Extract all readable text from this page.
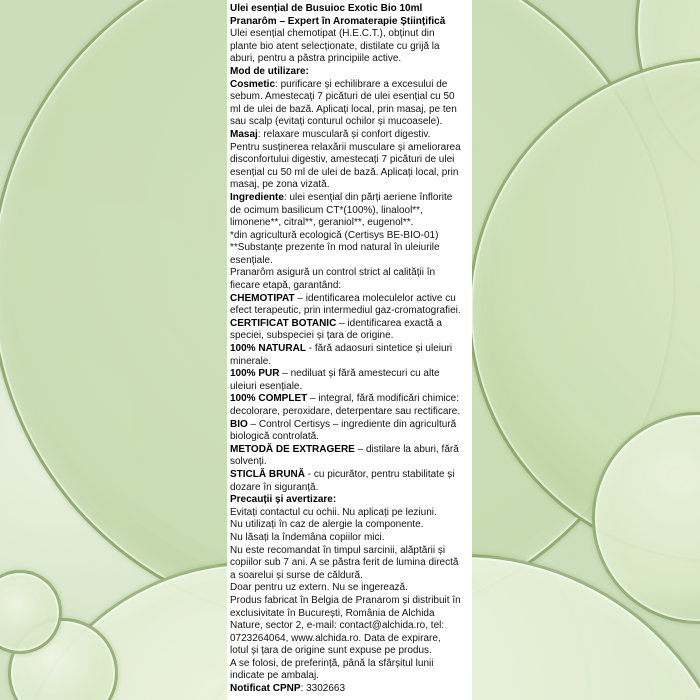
Ulei esențial de Busuioc Exotic Bio 10ml
Pranarôm – Expert în Aromaterapie Științifică
Ulei esențial chemotipat (H.E.C.T.), obținut din
plante bio atent selecționate, distilate cu grijă la
aburi, pentru a păstra principiile active.
Mod de utilizare:
Cosmetic: purificare și echilibrare a excesului de
sebum. Amestecați 7 picături de ulei esențial cu 50
ml de ulei de bază. Aplicați local, prin masaj, pe ten
sau scalp (evitați conturul ochilor și mucoasele).
Masaj: relaxare musculară și confort digestiv.
Pentru susținerea relaxării musculare și ameliorarea
disconfortului digestiv, amestecați 7 picături de ulei
esențial cu 50 ml de ulei de bază. Aplicați local, prin
masaj, pe zona vizată.
Ingrediente: ulei esențial din părți aeriene înflorite
de ocimum basilicum CT*(100%), linalool**,
limonene**, citral**, geraniol**, eugenol**.
*din agricultură ecologică (Certisys BE-BIO-01)
**Substanțe prezente în mod natural în uleiurile
esențiale.
Pranarôm asigură un control strict al calității în
fiecare etapă, garantând:
CHEMOTIPAT – identificarea moleculelor active cu
efect terapeutic, prin intermediul gaz-cromatografiei.
CERTIFICAT BOTANIC – identificarea exactă a
speciei, subspeciei și țara de origine.
100% NATURAL - fără adaosuri sintetice și uleiuri
minerale.
100% PUR – nediluat și fără amestecuri cu alte
uleiuri esențiale.
100% COMPLET – integral, fără modificări chimice:
decolorare, peroxidare, deterpentare sau rectificare.
BIO – Control Certisys – ingrediente din agricultură
biologică controlată.
METODĂ DE EXTRAGERE – distilare la aburi, fără
solvenți.
STICLĂ BRUNĂ - cu picurător, pentru stabilitate și
dozare în siguranță.
Precauții și avertizare:
Evitați contactul cu ochii. Nu aplicați pe leziuni.
Nu utilizați în caz de alergie la componente.
Nu lăsați la îndemâna copiilor mici.
Nu este recomandat în timpul sarcinii, alăptării și
copiilor sub 7 ani. A se păstra ferit de lumina directă
a soarelui și surse de căldură.
Doar pentru uz extern. Nu se ingerează.
Produs fabricat în Belgia de Pranarom și distribuit în
exclusivitate în București, România de Alchida
Nature, sector 2, e-mail: contact@alchida.ro, tel:
0723264064, www.alchida.ro. Data de expirare,
lotul și țara de origine sunt expuse pe produs.
A se folosi, de preferință, până la sfârșitul lunii
indicate pe ambalaj.
Notificat CPNP: 3302663
